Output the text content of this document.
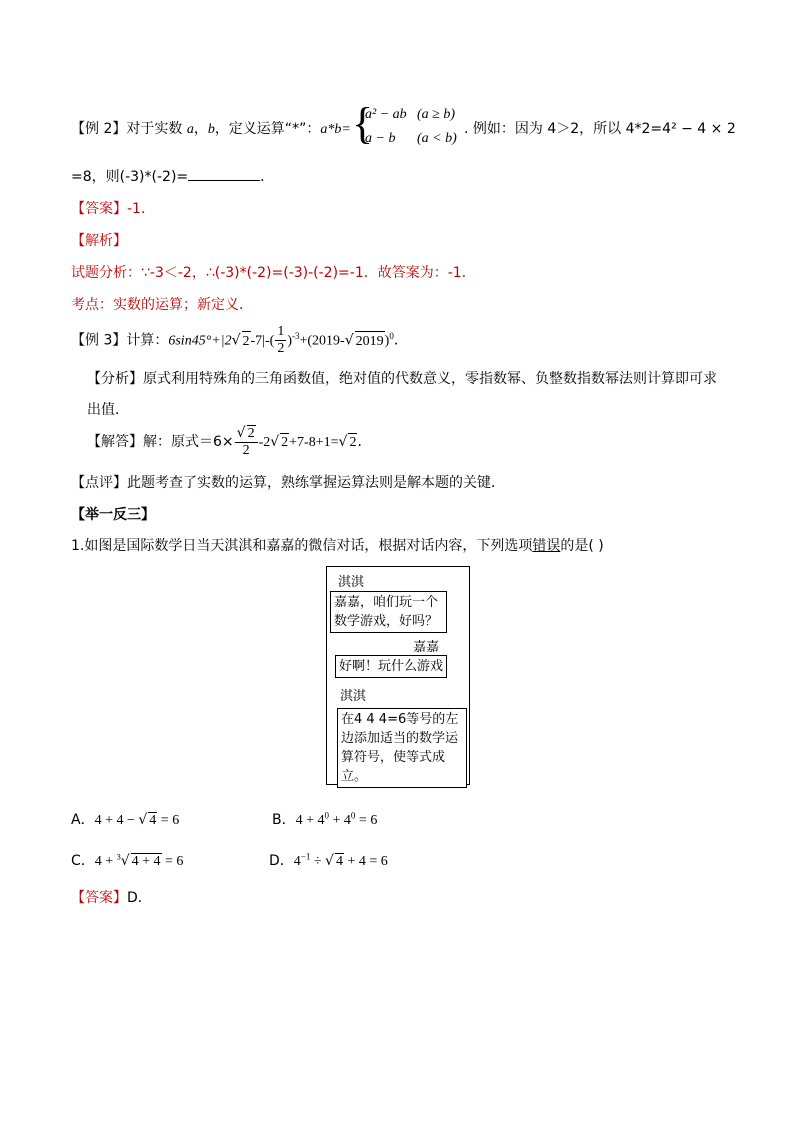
【例 2】对于实数 a，b，定义运算“*”：a*b= {
a² − ab (a ≥ b)
a − b (a < b)
. 例如：因为 4＞2，所以 4*2=4² − 4 × 2
=8，则(-3)*(-2)=	．
【答案】-1．
【解析】
试题分析：∵-3＜-2，∴(-3)*(-2)=(-3)-(-2)=-1．故答案为：-1．
考点：实数的运算；新定义．
【例 3】计算：6sin45°+|2√ $2-7|-( \frac{1}{2} )^{-3}+(2019-√$ 2019)$^0$．
【分析】原式利用特殊角的三角函数值，绝对值的代数意义，零指数幂、负整数指数幂法则计算即可求
出值．
【解答】解：原式$=6\times \frac{√ 2}{2} -2√$ 2+7-8+1=√ 2．
【点评】此题考查了实数的运算，熟练掌握运算法则是解本题的关键．
【举一反三】
1.如图是国际数学日当天淇淇和嘉嘉的微信对话，根据对话内容，下列选项错误的是( )
淇淇
嘉嘉，咱们玩一个数学游戏，好吗？
嘉嘉
好啊！玩什么游戏
淇淇
在4 4 4=6等号的左边添加适当的数学运算符号，使等式成立。
A．4 + 4 − √ 4 = 6	B．$4 + 4^0 + 4^0 = 6$
C．4 + $^3$√ 4 + 4 = 6	D．$4^{-1}$ ÷ √ 4 + 4 = 6
【答案】D．
